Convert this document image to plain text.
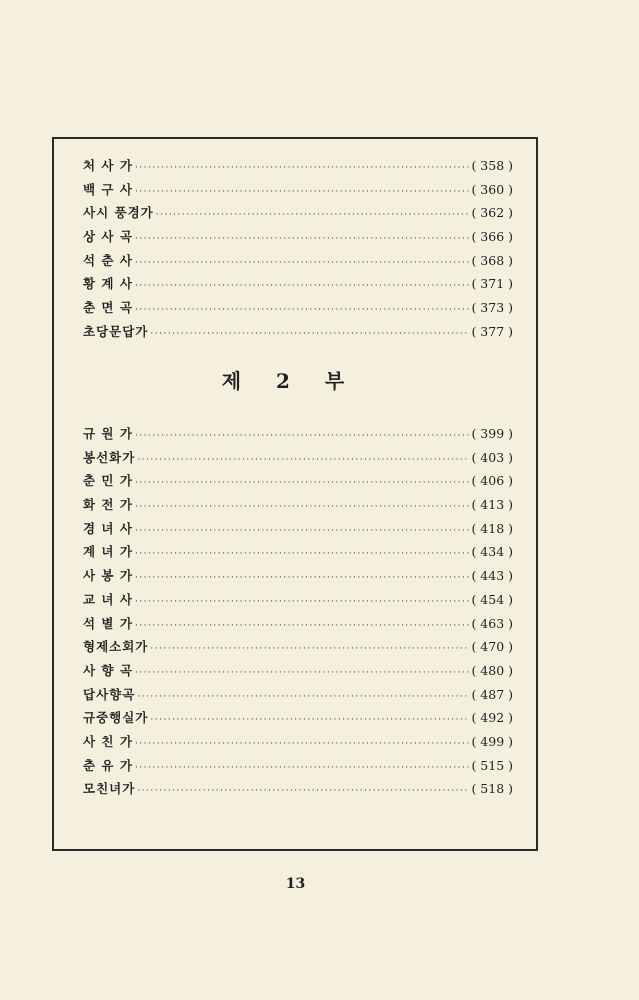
처 사 가 ·····	( 358 )
백 구 사 ·····	( 360 )
사시 풍경가 ·····	( 362 )
상 사 곡 ·····	( 366 )
석 춘 사 ·····	( 368 )
황 계 사 ·····	( 371 )
춘 면 곡 ·····	( 373 )
초당문답가 ·····	( 377 )
제 2 부
규 원 가 ·····	( 399 )
봉선화가 ·····	( 403 )
춘 민 가 ·····	( 406 )
화 전 가 ·····	( 413 )
경 녀 사 ·····	( 418 )
계 녀 가 ·····	( 434 )
사 봉 가 ·····	( 443 )
교 녀 사 ·····	( 454 )
석 별 가 ·····	( 463 )
형제소회가 ·····	( 470 )
사 향 곡 ·····	( 480 )
답사향곡 ·····	( 487 )
규중행실가 ·····	( 492 )
사 친 가 ·····	( 499 )
춘 유 가 ·····	( 515 )
모친녀가 ·····	( 518 )
13
